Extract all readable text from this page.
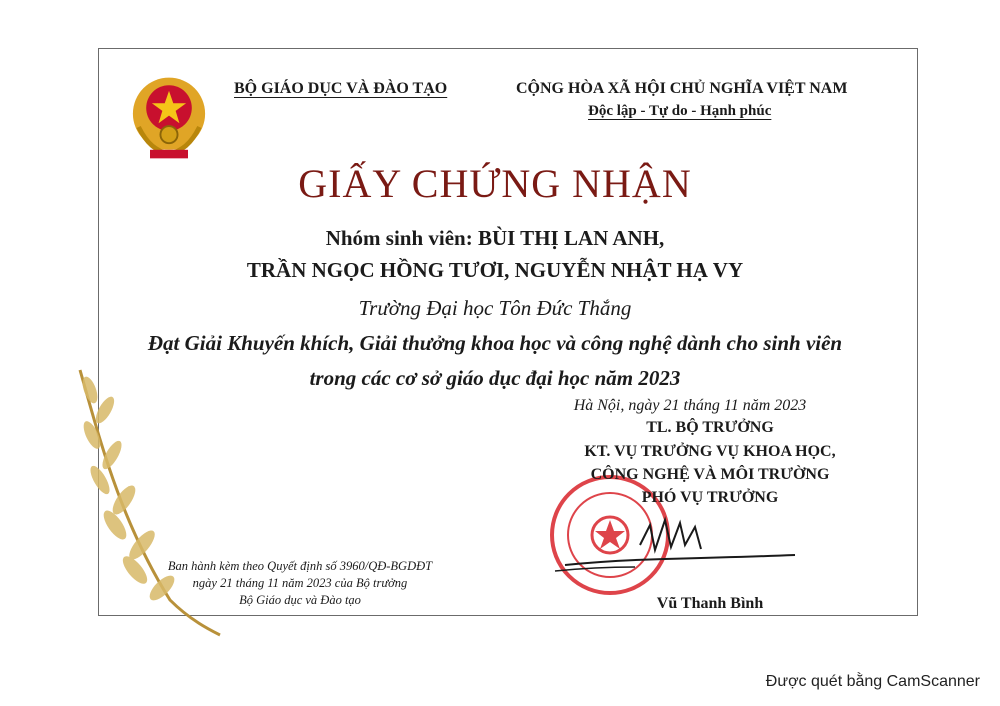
BỘ GIÁO DỤC VÀ ĐÀO TẠO	CỘNG HÒA XÃ HỘI CHỦ NGHĨA VIỆT NAM
Độc lập - Tự do - Hạnh phúc
GIẤY CHỨNG NHẬN
Nhóm sinh viên: BÙI THỊ LAN ANH,
TRẦN NGỌC HỒNG TƯƠI, NGUYỄN NHẬT HẠ VY
Trường Đại học Tôn Đức Thắng
Đạt Giải Khuyến khích, Giải thưởng khoa học và công nghệ dành cho sinh viên
trong các cơ sở giáo dục đại học năm 2023
Hà Nội, ngày 21 tháng 11 năm 2023
TL. BỘ TRƯỞNG
KT. VỤ TRƯỞNG VỤ KHOA HỌC,
CÔNG NGHỆ VÀ MÔI TRƯỜNG
PHÓ VỤ TRƯỞNG
Vũ Thanh Bình
Ban hành kèm theo Quyết định số 3960/QĐ-BGDĐT
ngày 21 tháng 11 năm 2023 của Bộ trưởng
Bộ Giáo dục và Đào tạo
Được quét bằng CamScanner
